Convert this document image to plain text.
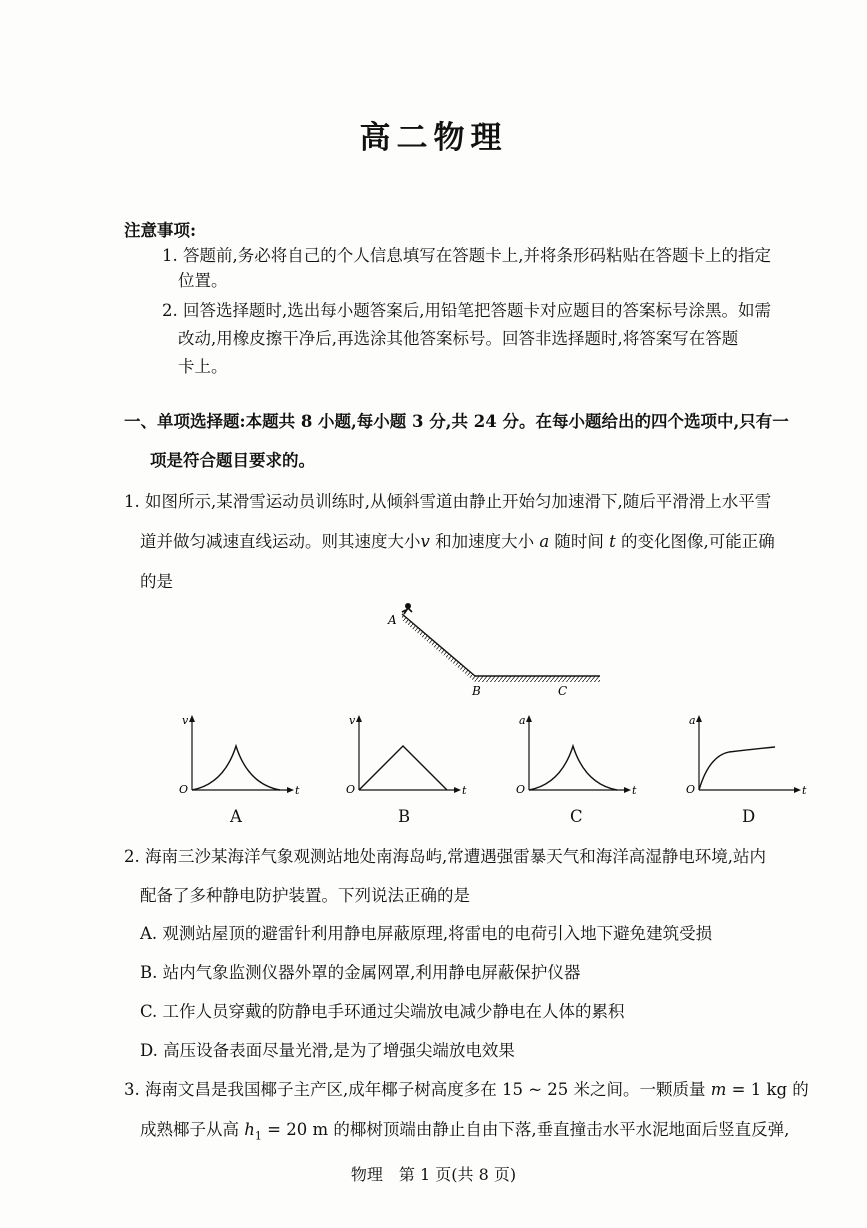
高二物理
注意事项:
1. 答题前,务必将自己的个人信息填写在答题卡上,并将条形码粘贴在答题卡上的指定
位置。
2. 回答选择题时,选出每小题答案后,用铅笔把答题卡对应题目的答案标号涂黑。如需
改动,用橡皮擦干净后,再选涂其他答案标号。回答非选择题时,将答案写在答题
卡上。
一、单项选择题:本题共 8 小题,每小题 3 分,共 24 分。在每小题给出的四个选项中,只有一
项是符合题目要求的。
1. 如图所示,某滑雪运动员训练时,从倾斜雪道由静止开始匀加速滑下,随后平滑滑上水平雪
道并做匀减速直线运动。则其速度大小v 和加速度大小 a 随时间 t 的变化图像,可能正确
的是
A
B	C
v
O	t
A
v
O	t
B
a
O	t
C
a
O	t
D
2. 海南三沙某海洋气象观测站地处南海岛屿,常遭遇强雷暴天气和海洋高湿静电环境,站内
配备了多种静电防护装置。下列说法正确的是
A. 观测站屋顶的避雷针利用静电屏蔽原理,将雷电的电荷引入地下避免建筑受损
B. 站内气象监测仪器外罩的金属网罩,利用静电屏蔽保护仪器
C. 工作人员穿戴的防静电手环通过尖端放电减少静电在人体的累积
D. 高压设备表面尽量光滑,是为了增强尖端放电效果
3. 海南文昌是我国椰子主产区,成年椰子树高度多在 15 ~ 25 米之间。一颗质量 m = 1 kg 的
成熟椰子从高 $h_1 = 20$ m 的椰树顶端由静止自由下落,垂直撞击水平水泥地面后竖直反弹,
物理　第 1 页(共 8 页)
